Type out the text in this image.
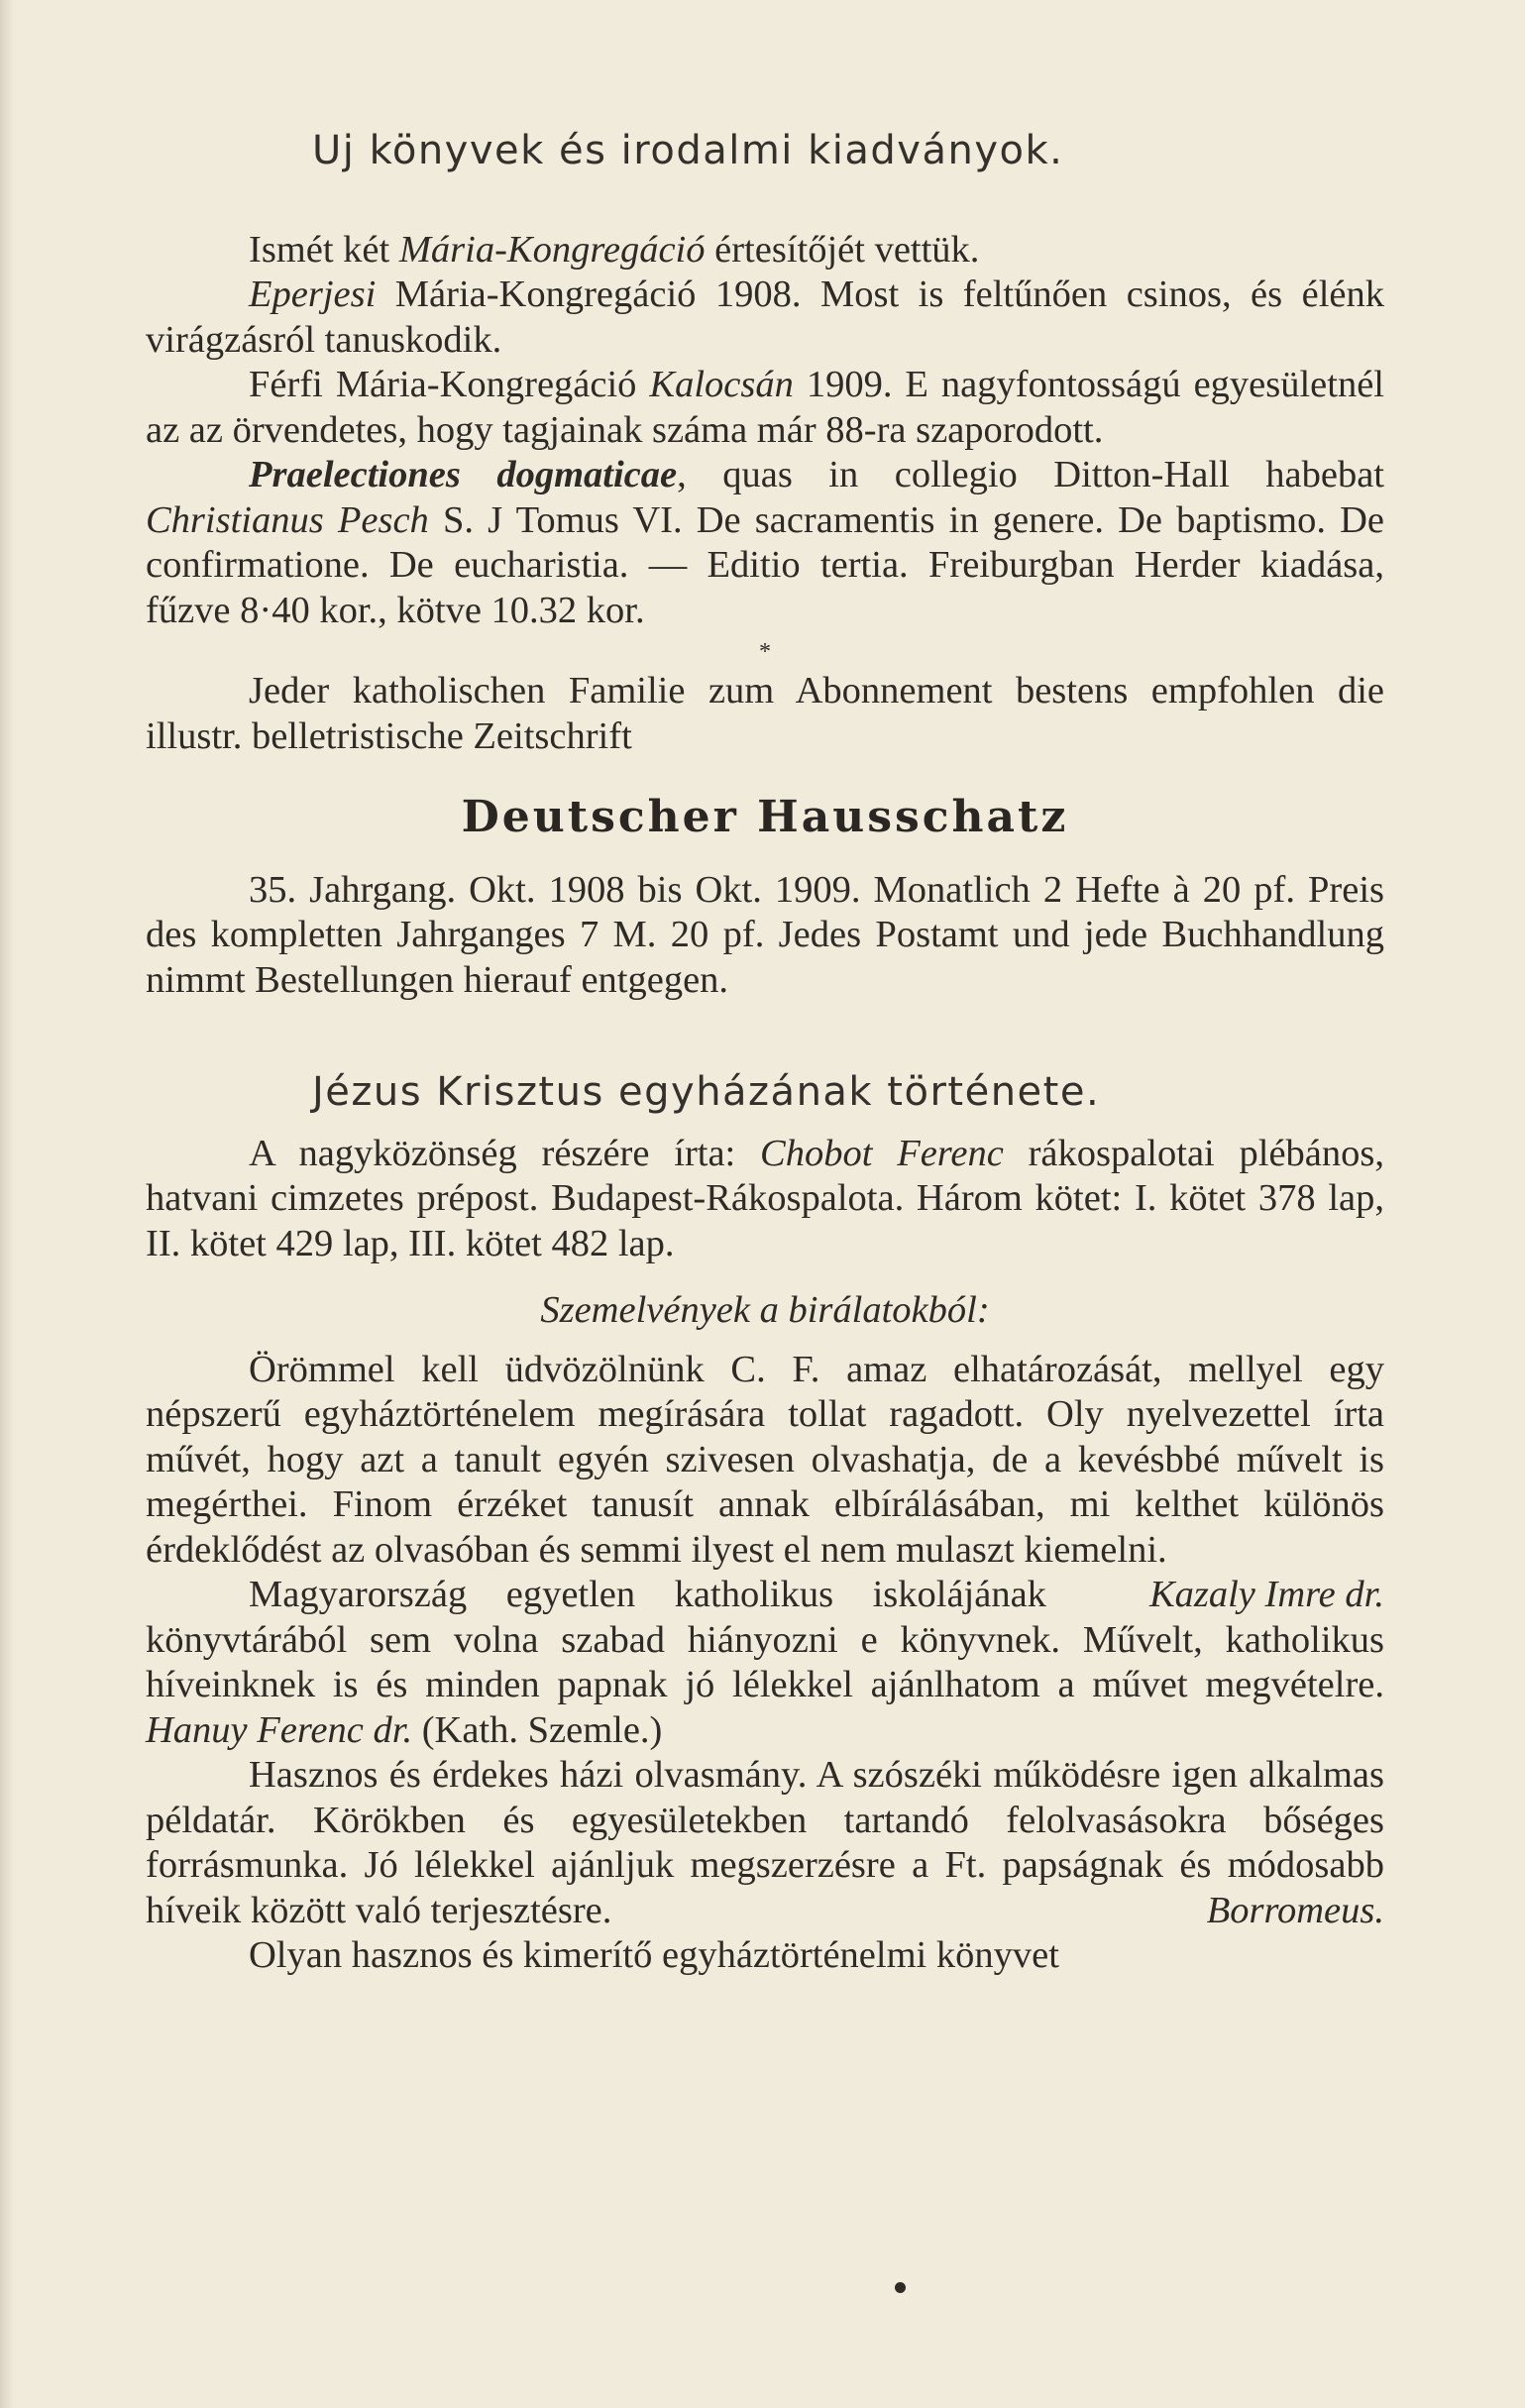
Uj könyvek és irodalmi kiadványok.

Ismét két Mária-Kongregáció értesítőjét vettük.

Eperjesi Mária-Kongregáció 1908. Most is feltűnően csinos, és élénk virágzásról tanuskodik.

Férfi Mária-Kongregáció Kalocsán 1909. E nagyfontosságú egyesületnél az az örvendetes, hogy tagjainak száma már 88-ra szaporodott.

Praelectiones dogmaticae, quas in collegio Ditton-Hall habebat Christianus Pesch S. J Tomus VI. De sacramentis in genere. De baptismo. De confirmatione. De eucharistia. — Editio tertia. Freiburgban Herder kiadása, fűzve 8·40 kor., kötve 10.32 kor.

*

Jeder katholischen Familie zum Abonnement bestens empfohlen die illustr. belletristische Zeitschrift

Deutscher Hausschatz

35. Jahrgang. Okt. 1908 bis Okt. 1909. Monatlich 2 Hefte à 20 pf. Preis des kompletten Jahrganges 7 M. 20 pf. Jedes Postamt und jede Buchhandlung nimmt Bestellungen hierauf entgegen.

Jézus Krisztus egyházának története.

A nagyközönség részére írta: Chobot Ferenc rákospalotai plébános, hatvani cimzetes prépost. Budapest-Rákospalota. Három kötet: I. kötet 378 lap, II. kötet 429 lap, III. kötet 482 lap.

Szemelvények a birálatokból:

Örömmel kell üdvözölnünk C. F. amaz elhatározását, mellyel egy népszerű egyháztörténelem megírására tollat ragadott. Oly nyelvezettel írta művét, hogy azt a tanult egyén szivesen olvashatja, de a kevésbbé művelt is megérthei. Finom érzéket tanusít annak elbírálásában, mi kelthet különös érdeklődést az olvasóban és semmi ilyest el nem mulaszt kiemelni.
Kazaly Imre dr.

Magyarország egyetlen katholikus iskolájának könyvtárából sem volna szabad hiányozni e könyvnek. Művelt, katholikus híveinknek is és minden papnak jó lélekkel ajánlhatom a művet megvételre. Hanuy Ferenc dr. (Kath. Szemle.)

Hasznos és érdekes házi olvasmány. A szószéki működésre igen alkalmas példatár. Körökben és egyesületekben tartandó felolvasásokra bőséges forrásmunka. Jó lélekkel ajánljuk megszerzésre a Ft. papságnak és módosabb híveik között való terjesztésre.	Borromeus.

Olyan hasznos és kimerítő egyháztörténelmi könyvet
